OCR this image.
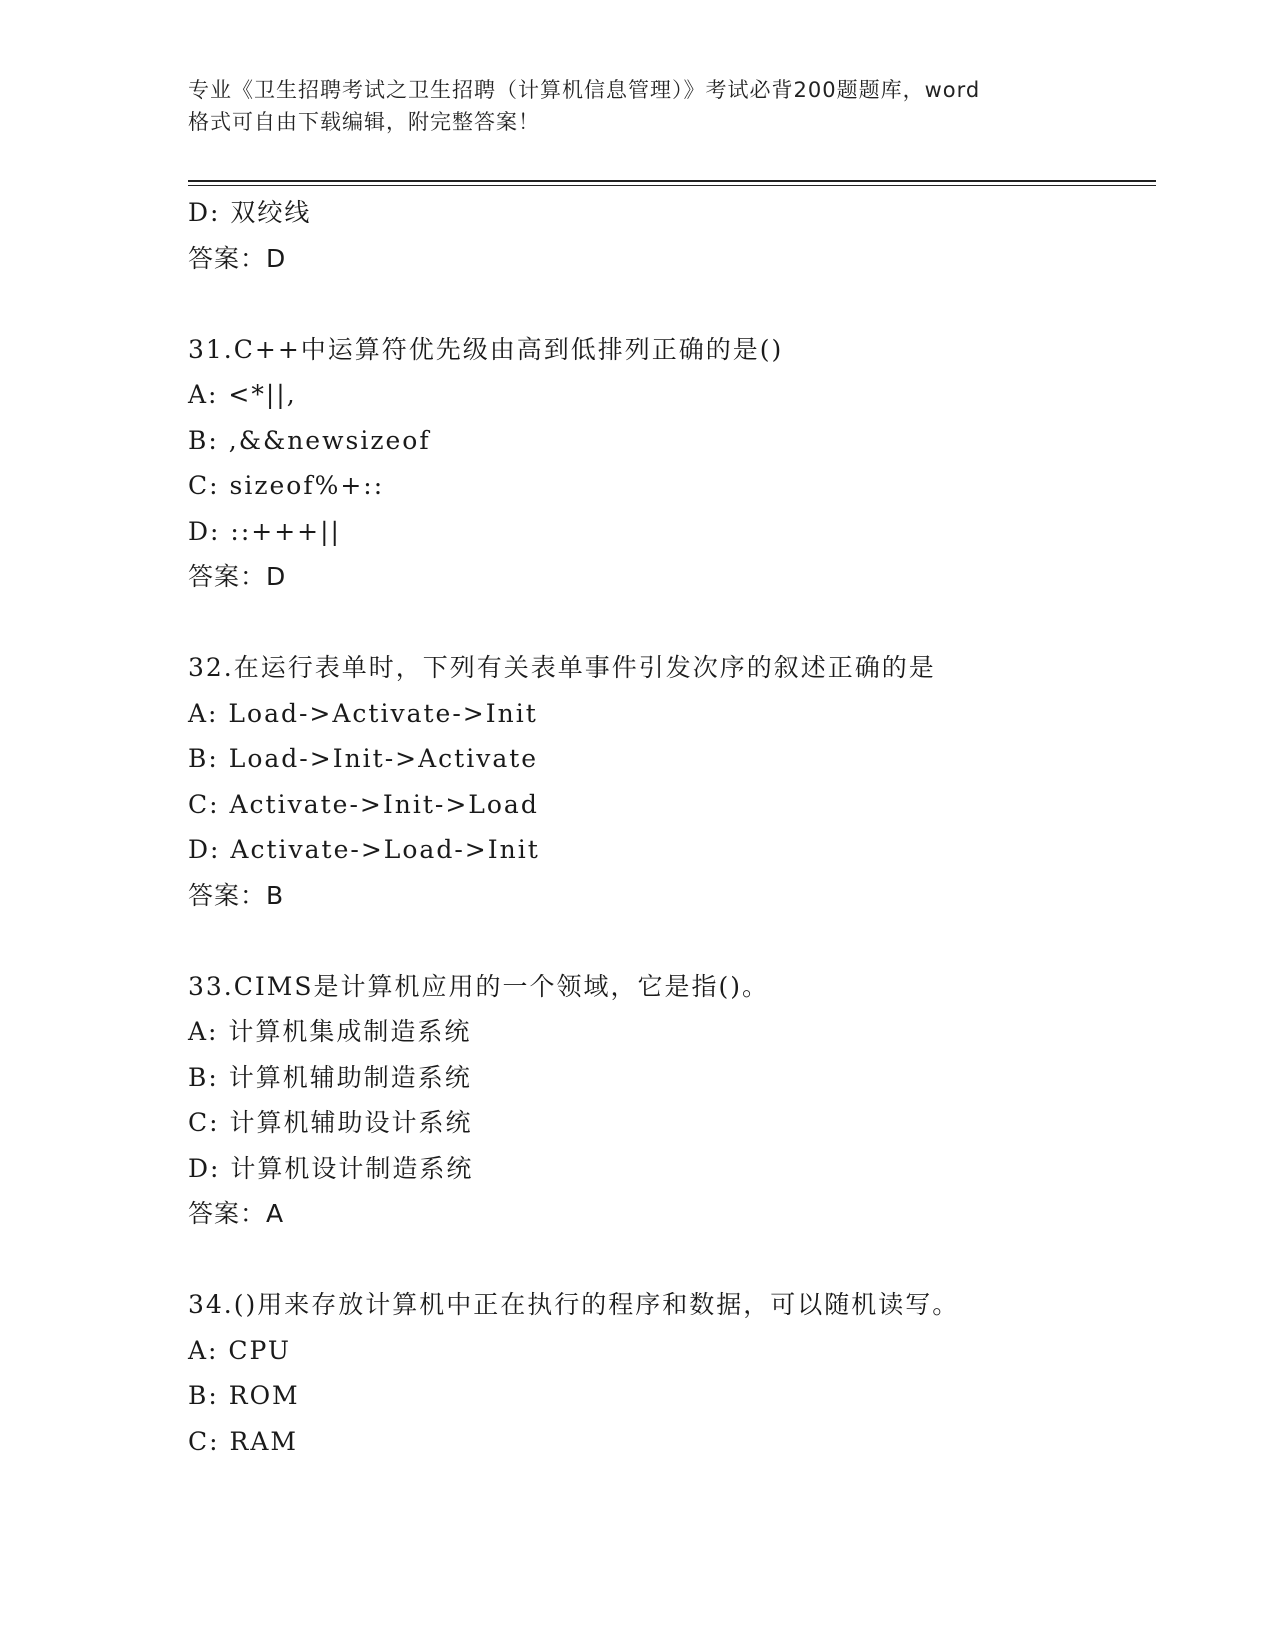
专业《卫生招聘考试之卫生招聘（计算机信息管理）》考试必背200题题库，word
格式可自由下载编辑，附完整答案！
D: 双绞线
答案：D
31.C++中运算符优先级由高到低排列正确的是()
A: <*||,
B: ,&&newsizeof
C: sizeof%+::
D: ::+++||
答案：D
32.在运行表单时，下列有关表单事件引发次序的叙述正确的是
A: Load->Activate->Init
B: Load->Init->Activate
C: Activate->Init->Load
D: Activate->Load->Init
答案：B
33.CIMS是计算机应用的一个领域，它是指()。
A: 计算机集成制造系统
B: 计算机辅助制造系统
C: 计算机辅助设计系统
D: 计算机设计制造系统
答案：A
34.()用来存放计算机中正在执行的程序和数据，可以随机读写。
A: CPU
B: ROM
C: RAM
